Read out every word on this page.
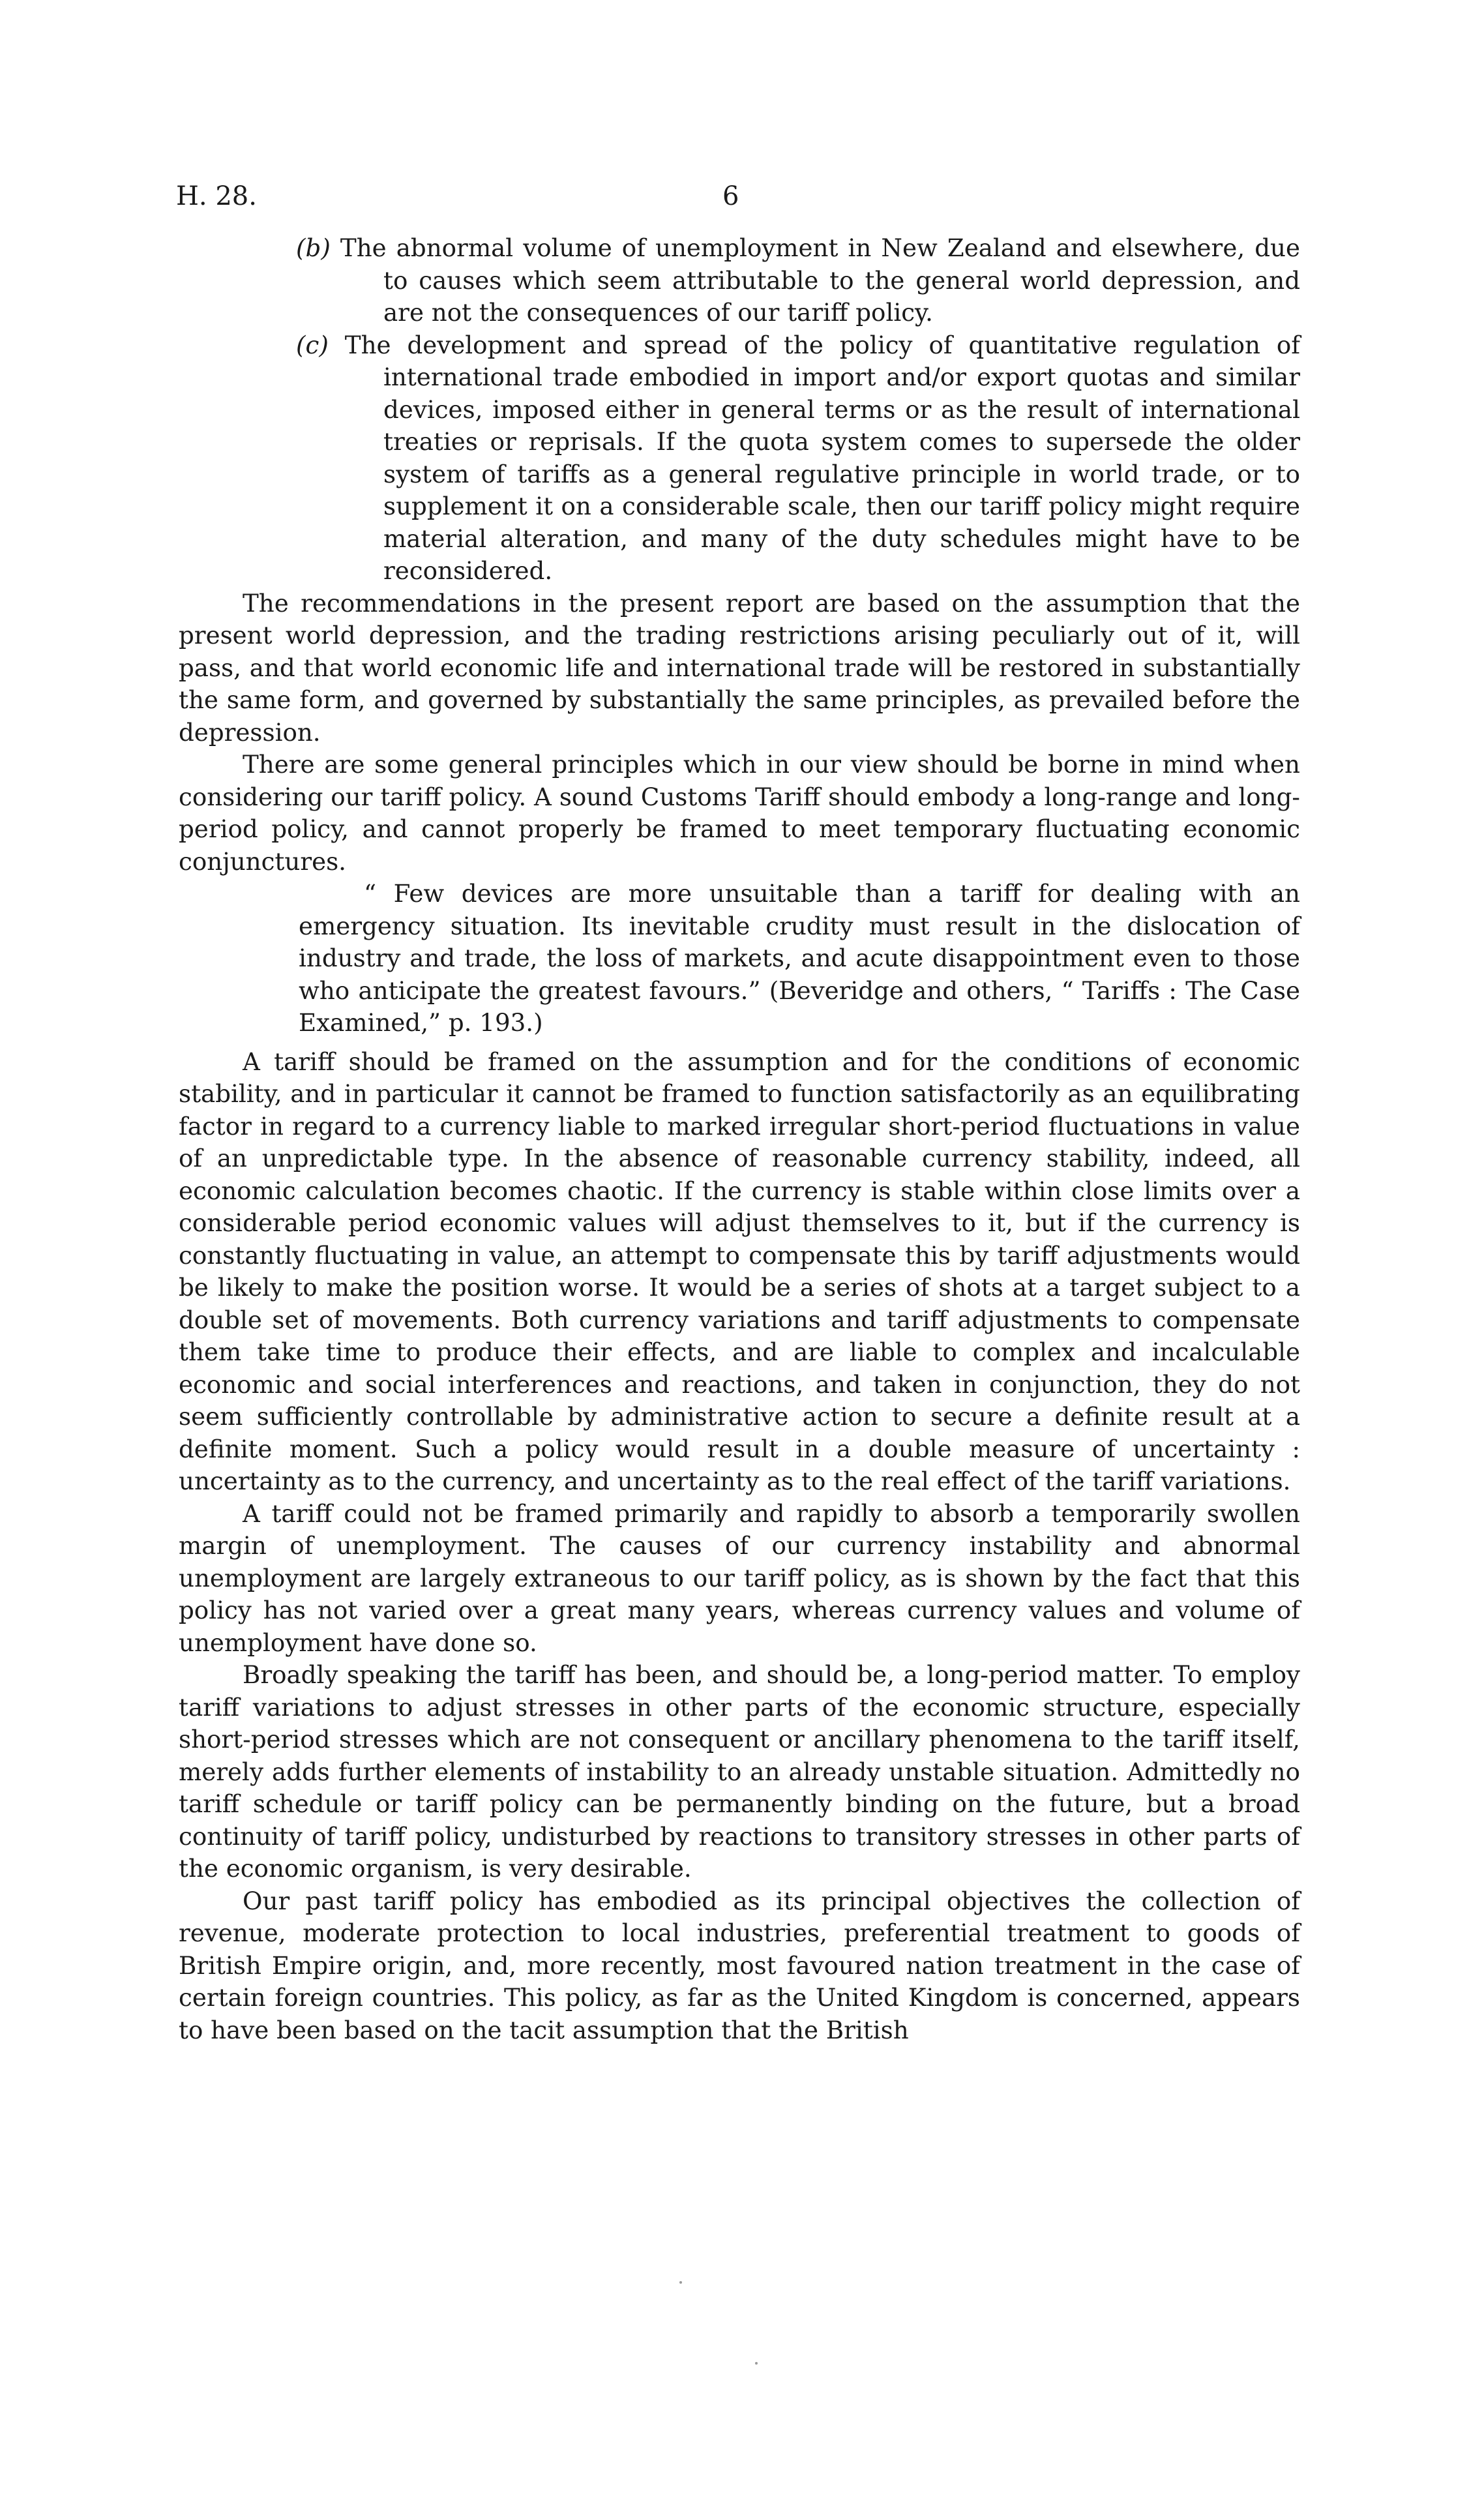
H. 28.	6

(b) The abnormal volume of unemployment in New Zealand and elsewhere, due to causes which seem attributable to the general world depression, and are not the consequences of our tariff policy.

(c) The development and spread of the policy of quantitative regulation of international trade embodied in import and/or export quotas and similar devices, imposed either in general terms or as the result of international treaties or reprisals. If the quota system comes to supersede the older system of tariffs as a general regulative principle in world trade, or to supplement it on a considerable scale, then our tariff policy might require material alteration, and many of the duty schedules might have to be reconsidered.

The recommendations in the present report are based on the assumption that the present world depression, and the trading restrictions arising peculiarly out of it, will pass, and that world economic life and international trade will be restored in substantially the same form, and governed by substantially the same principles, as prevailed before the depression.

There are some general principles which in our view should be borne in mind when considering our tariff policy. A sound Customs Tariff should embody a long-range and long-period policy, and cannot properly be framed to meet temporary fluctuating economic conjunctures.

“ Few devices are more unsuitable than a tariff for dealing with an emergency situation. Its inevitable crudity must result in the dislocation of industry and trade, the loss of markets, and acute disappointment even to those who anticipate the greatest favours.” (Beveridge and others, “ Tariffs : The Case Examined,” p. 193.)

A tariff should be framed on the assumption and for the conditions of economic stability, and in particular it cannot be framed to function satisfactorily as an equilibrating factor in regard to a currency liable to marked irregular short-period fluctuations in value of an unpredictable type. In the absence of reasonable currency stability, indeed, all economic calculation becomes chaotic. If the currency is stable within close limits over a considerable period economic values will adjust themselves to it, but if the currency is constantly fluctuating in value, an attempt to compensate this by tariff adjustments would be likely to make the position worse. It would be a series of shots at a target subject to a double set of movements. Both currency variations and tariff adjustments to compensate them take time to produce their effects, and are liable to complex and incalculable economic and social interferences and reactions, and taken in conjunction, they do not seem sufficiently controllable by administrative action to secure a definite result at a definite moment. Such a policy would result in a double measure of uncertainty : uncertainty as to the currency, and uncertainty as to the real effect of the tariff variations.

A tariff could not be framed primarily and rapidly to absorb a temporarily swollen margin of unemployment. The causes of our currency instability and abnormal unemployment are largely extraneous to our tariff policy, as is shown by the fact that this policy has not varied over a great many years, whereas currency values and volume of unemployment have done so.

Broadly speaking the tariff has been, and should be, a long-period matter. To employ tariff variations to adjust stresses in other parts of the economic structure, especially short-period stresses which are not consequent or ancillary phenomena to the tariff itself, merely adds further elements of instability to an already unstable situation. Admittedly no tariff schedule or tariff policy can be permanently binding on the future, but a broad continuity of tariff policy, undisturbed by reactions to transitory stresses in other parts of the economic organism, is very desirable.

Our past tariff policy has embodied as its principal objectives the collection of revenue, moderate protection to local industries, preferential treatment to goods of British Empire origin, and, more recently, most favoured nation treatment in the case of certain foreign countries. This policy, as far as the United Kingdom is concerned, appears to have been based on the tacit assumption that the British
